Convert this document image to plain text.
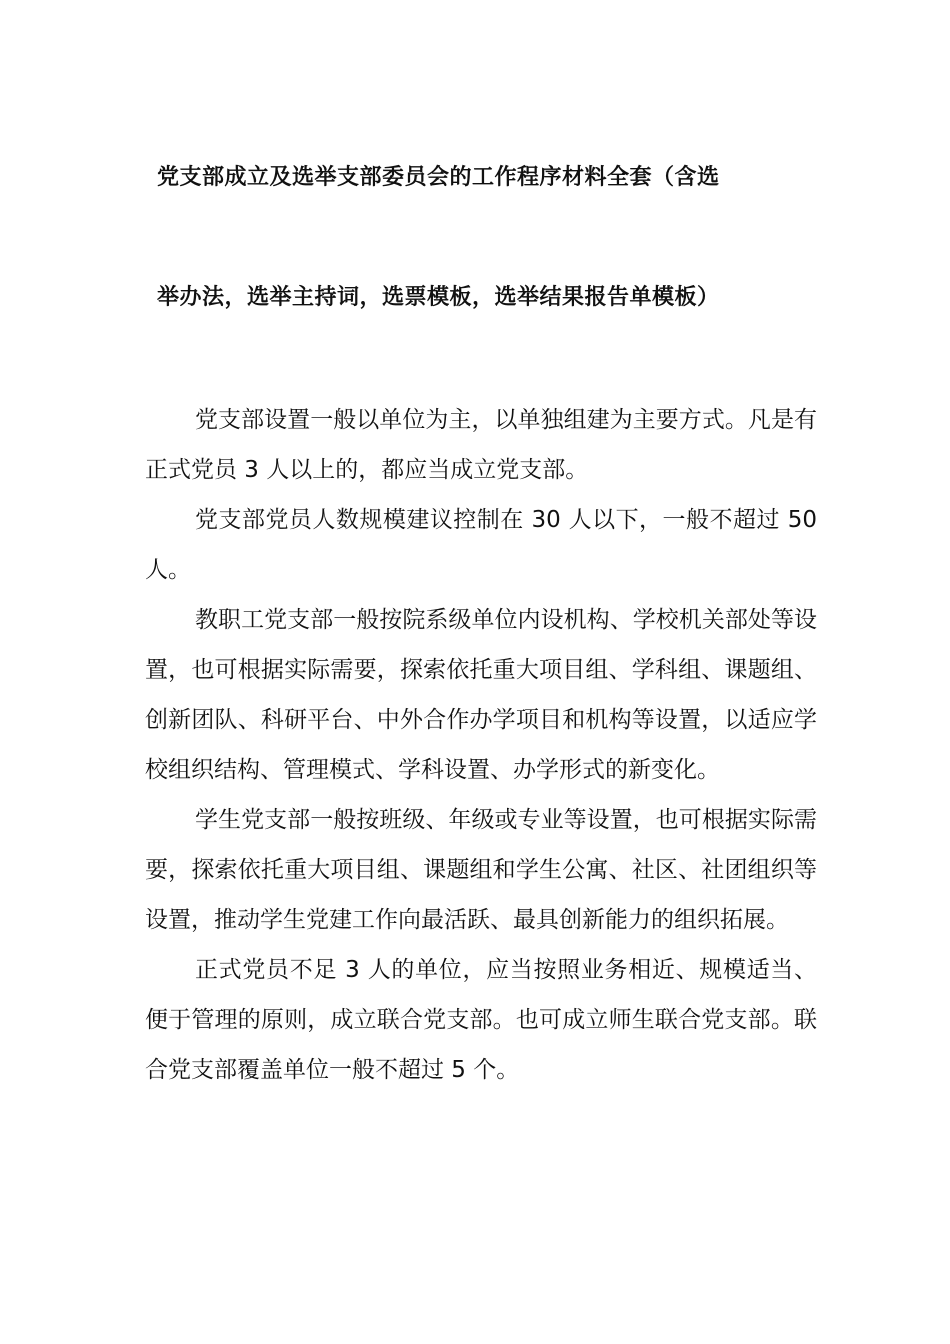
党支部成立及选举支部委员会的工作程序材料全套（含选
举办法，选举主持词，选票模板，选举结果报告单模板）

党支部设置一般以单位为主，以单独组建为主要方式。凡是有正式党员 3 人以上的，都应当成立党支部。

党支部党员人数规模建议控制在 30 人以下，一般不超过 50 人。

教职工党支部一般按院系级单位内设机构、学校机关部处等设置，也可根据实际需要，探索依托重大项目组、学科组、课题组、创新团队、科研平台、中外合作办学项目和机构等设置，以适应学校组织结构、管理模式、学科设置、办学形式的新变化。

学生党支部一般按班级、年级或专业等设置，也可根据实际需要，探索依托重大项目组、课题组和学生公寓、社区、社团组织等设置，推动学生党建工作向最活跃、最具创新能力的组织拓展。

正式党员不足 3 人的单位，应当按照业务相近、规模适当、便于管理的原则，成立联合党支部。也可成立师生联合党支部。联合党支部覆盖单位一般不超过 5 个。
